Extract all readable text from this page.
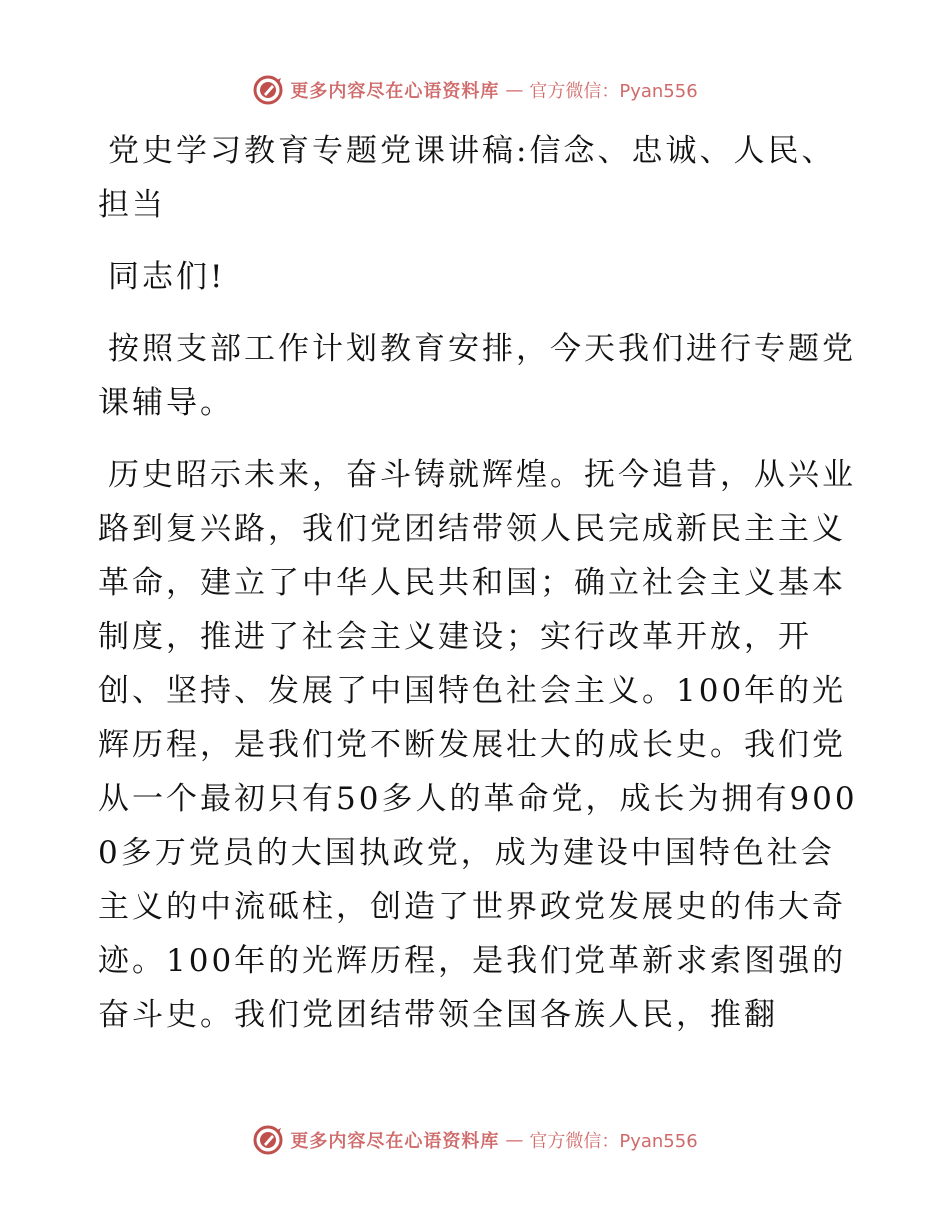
更多内容尽在心语资料库 — 官方微信：Pyan556
党史学习教育专题党课讲稿:信念、忠诚、人民、担当
同志们!
按照支部工作计划教育安排，今天我们进行专题党课辅导。
历史昭示未来，奋斗铸就辉煌。抚今追昔，从兴业路到复兴路，我们党团结带领人民完成新民主主义革命，建立了中华人民共和国；确立社会主义基本制度，推进了社会主义建设；实行改革开放，开创、坚持、发展了中国特色社会主义。100年的光辉历程，是我们党不断发展壮大的成长史。我们党从一个最初只有50多人的革命党，成长为拥有9000多万党员的大国执政党，成为建设中国特色社会主义的中流砥柱，创造了世界政党发展史的伟大奇迹。100年的光辉历程，是我们党革新求索图强的奋斗史。我们党团结带领全国各族人民，推翻
更多内容尽在心语资料库 — 官方微信：Pyan556
